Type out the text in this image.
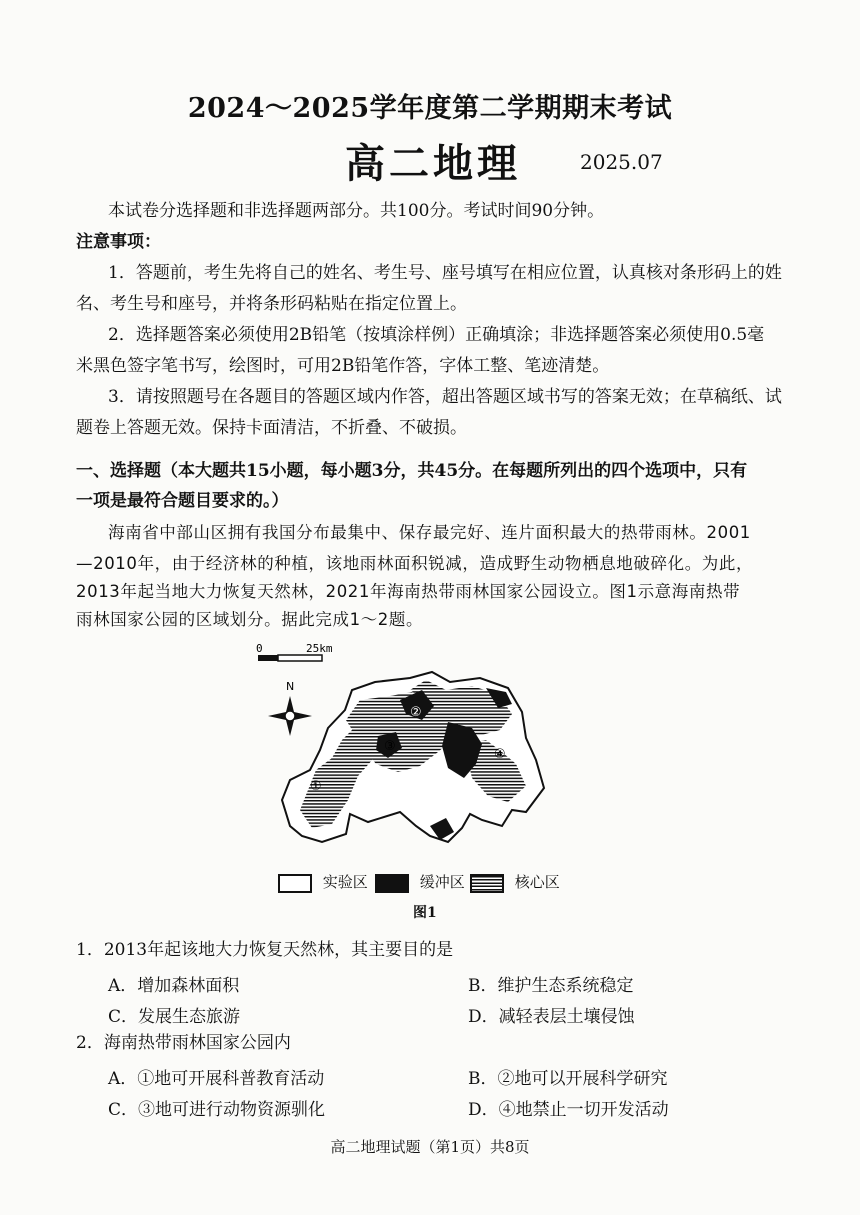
2024～2025学年度第二学期期末考试
高二地理	2025.07
本试卷分选择题和非选择题两部分。共100分。考试时间90分钟。
注意事项：
1．答题前，考生先将自己的姓名、考生号、座号填写在相应位置，认真核对条形码上的姓
名、考生号和座号，并将条形码粘贴在指定位置上。
2．选择题答案必须使用2B铅笔（按填涂样例）正确填涂；非选择题答案必须使用0.5毫
米黑色签字笔书写，绘图时，可用2B铅笔作答，字体工整、笔迹清楚。
3．请按照题号在各题目的答题区域内作答，超出答题区域书写的答案无效；在草稿纸、试
题卷上答题无效。保持卡面清洁，不折叠、不破损。
一、选择题（本大题共15小题，每小题3分，共45分。在每题所列出的四个选项中，只有
一项是最符合题目要求的。）
海南省中部山区拥有我国分布最集中、保存最完好、连片面积最大的热带雨林。2001
—2010年，由于经济林的种植，该地雨林面积锐减，造成野生动物栖息地破碎化。为此，
2013年起当地大力恢复天然林，2021年海南热带雨林国家公园设立。图1示意海南热带
雨林国家公园的区域划分。据此完成1～2题。
0	25km
N
①
②
③
④
实验区	缓冲区	核心区
图1
1．2013年起该地大力恢复天然林，其主要目的是
A．增加森林面积	B．维护生态系统稳定
C．发展生态旅游	D．减轻表层土壤侵蚀
2．海南热带雨林国家公园内
A．①地可开展科普教育活动	B．②地可以开展科学研究
C．③地可进行动物资源驯化	D．④地禁止一切开发活动
高二地理试题（第1页）共8页
